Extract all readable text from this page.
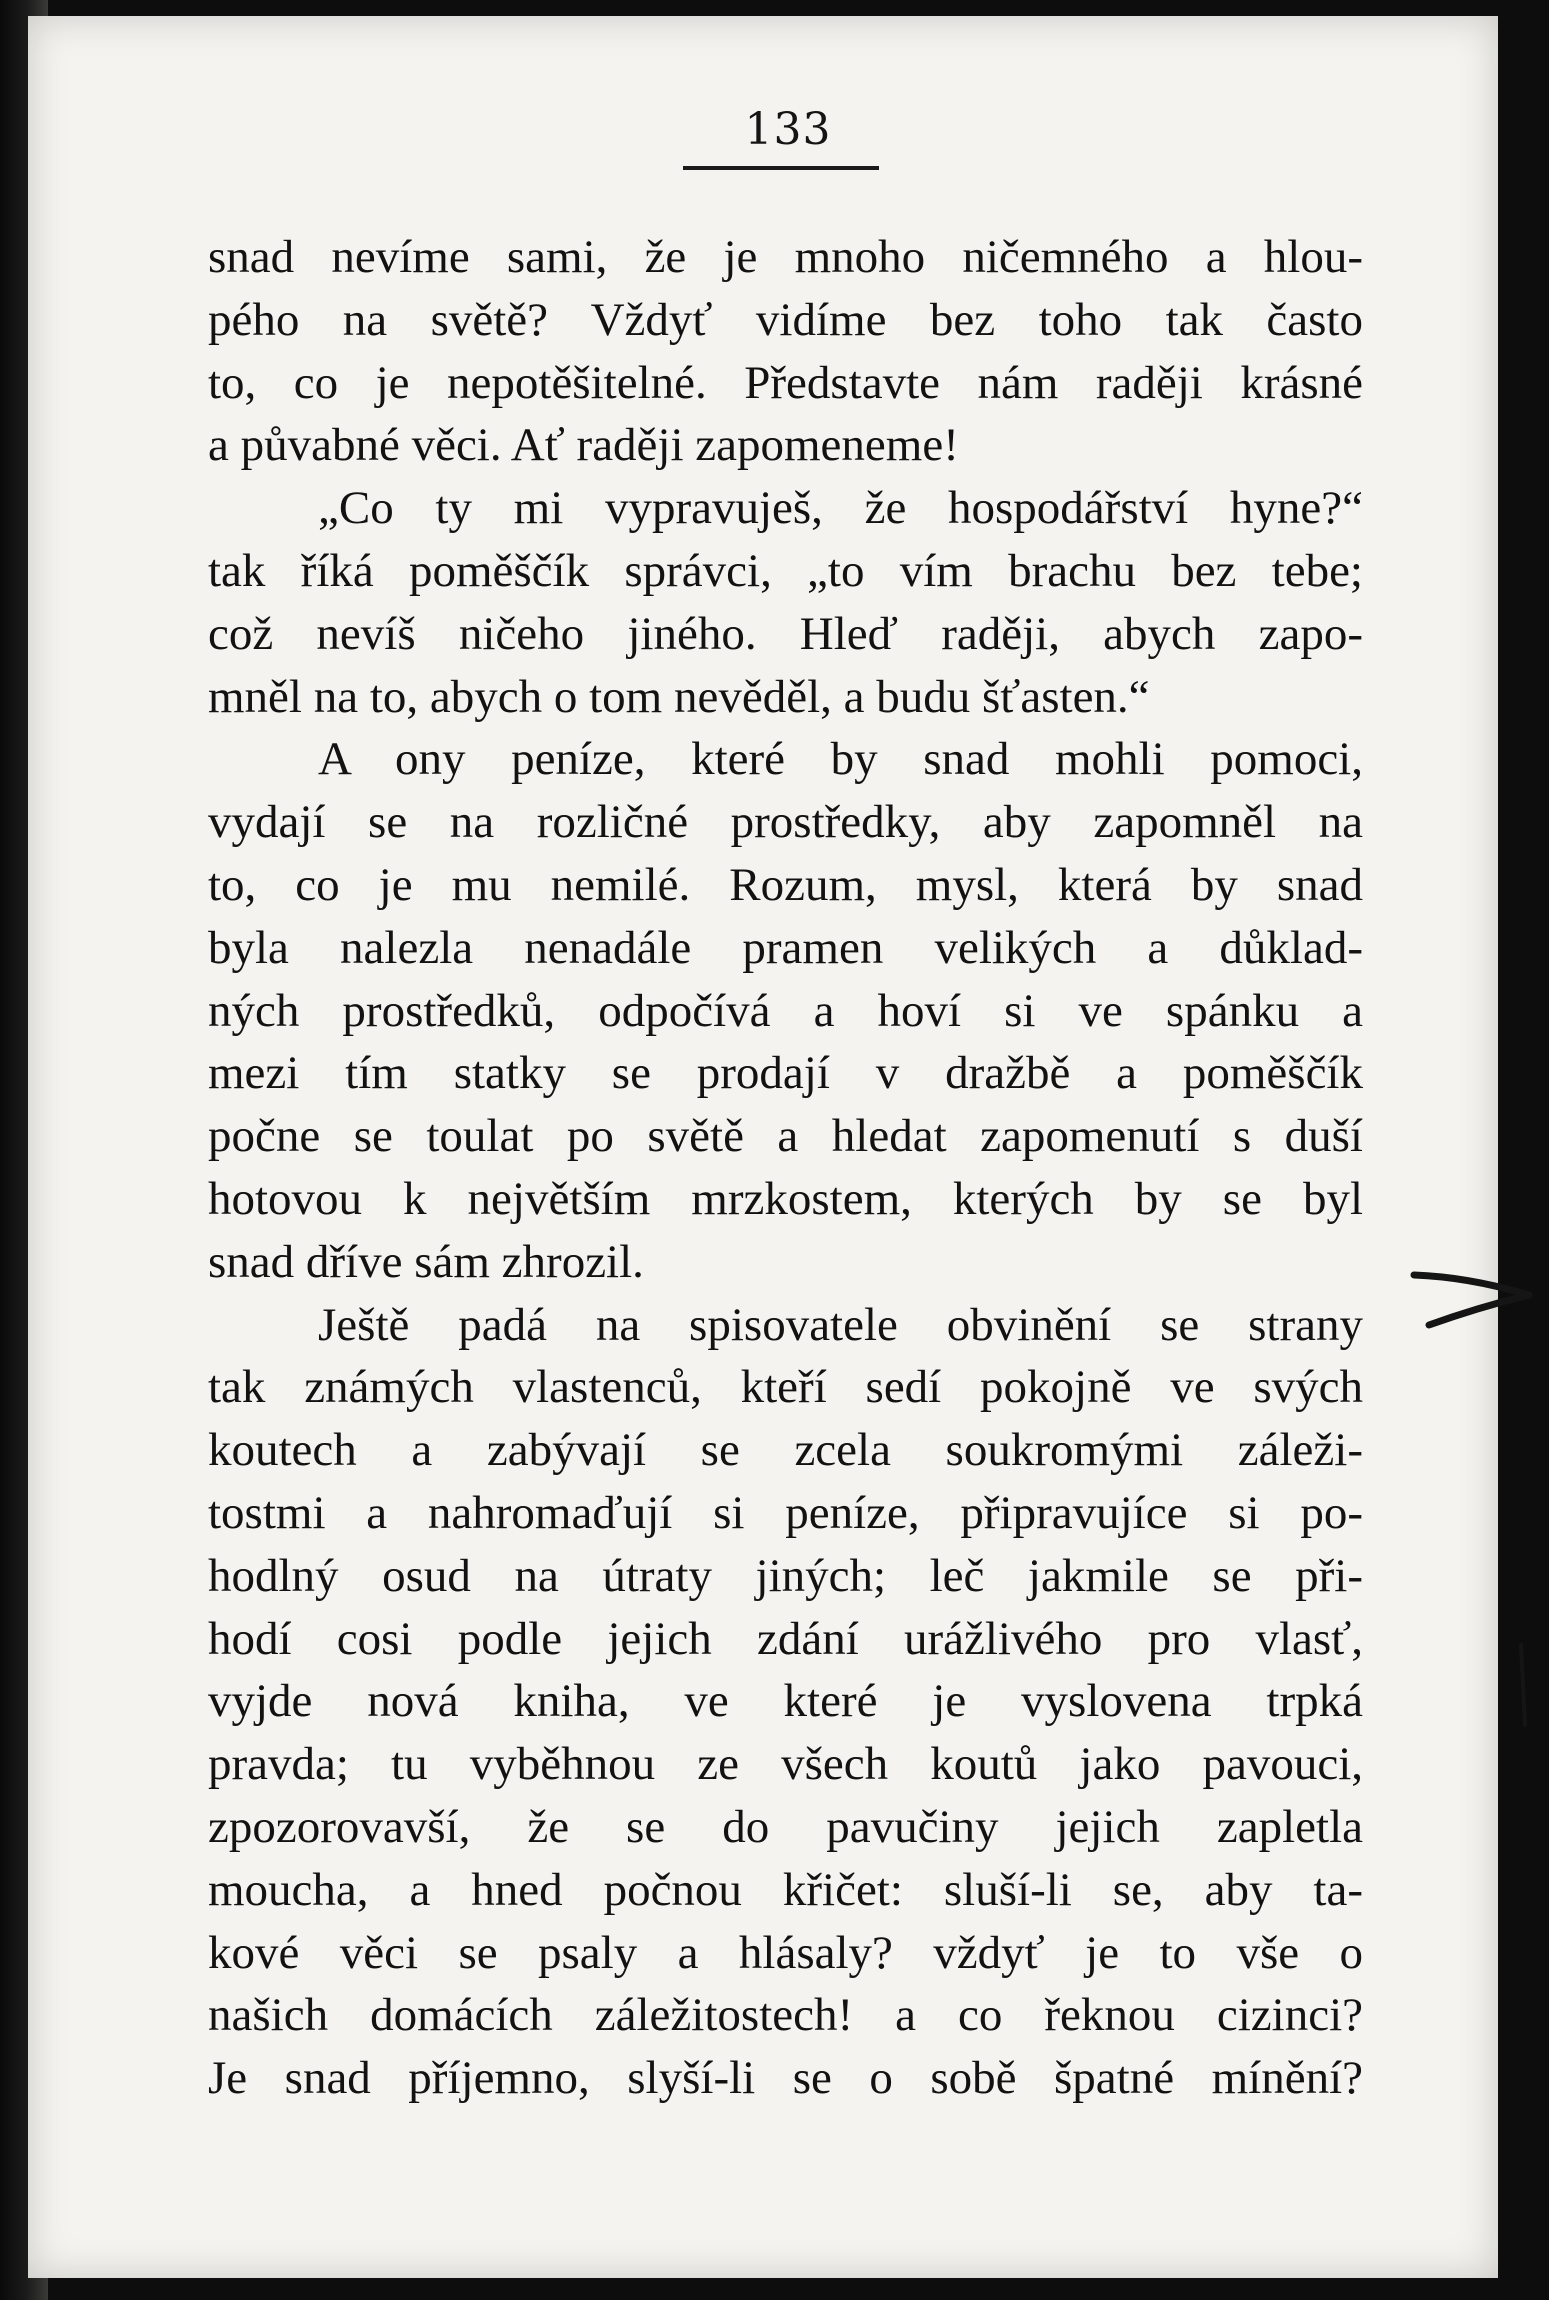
133
snad nevíme sami, že je mnoho ničemného a hlou-
pého na světě? Vždyť vidíme bez toho tak často
to, co je nepotěšitelné. Představte nám raději krásné
a půvabné věci. Ať raději zapomeneme!
„Co ty mi vypravuješ, že hospodářství hyne?“
tak říká poměščík správci, „to vím brachu bez tebe;
což nevíš ničeho jiného. Hleď raději, abych zapo-
mněl na to, abych o tom nevěděl, a budu šťasten.“
A ony peníze, které by snad mohli pomoci,
vydají se na rozličné prostředky, aby zapomněl na
to, co je mu nemilé. Rozum, mysl, která by snad
byla nalezla nenadále pramen velikých a důklad-
ných prostředků, odpočívá a hoví si ve spánku a
mezi tím statky se prodají v dražbě a poměščík
počne se toulat po světě a hledat zapomenutí s duší
hotovou k největším mrzkostem, kterých by se byl
snad dříve sám zhrozil.
Ještě padá na spisovatele obvinění se strany
tak známých vlastenců, kteří sedí pokojně ve svých
koutech a zabývají se zcela soukromými záleži-
tostmi a nahromaďují si peníze, připravujíce si po-
hodlný osud na útraty jiných; leč jakmile se při-
hodí cosi podle jejich zdání urážlivého pro vlasť,
vyjde nová kniha, ve které je vyslovena trpká
pravda; tu vyběhnou ze všech koutů jako pavouci,
zpozorovavší, že se do pavučiny jejich zapletla
moucha, a hned počnou křičet: sluší-li se, aby ta-
kové věci se psaly a hlásaly? vždyť je to vše o
našich domácích záležitostech! a co řeknou cizinci?
Je snad příjemno, slyší-li se o sobě špatné mínění?
